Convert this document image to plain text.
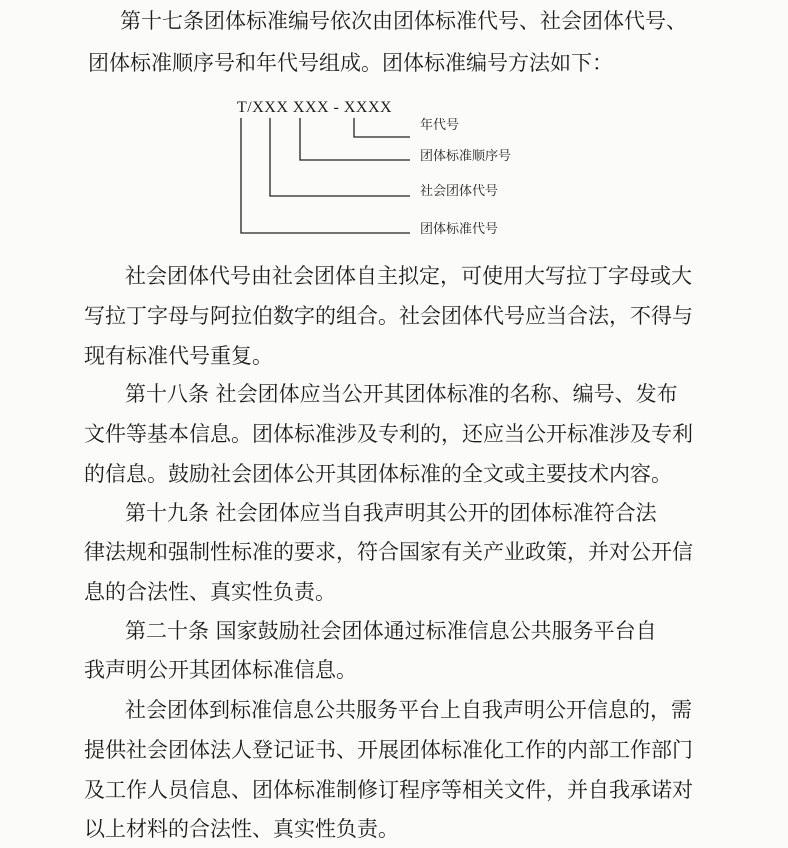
第十七条团体标准编号依次由团体标准代号、社会团体代号、
团体标准顺序号和年代号组成。团体标准编号方法如下：
T/XXX XXX - XXXX
年代号
团体标准顺序号
社会团体代号
团体标准代号
社会团体代号由社会团体自主拟定，可使用大写拉丁字母或大
写拉丁字母与阿拉伯数字的组合。社会团体代号应当合法，不得与
现有标准代号重复。
第十八条 社会团体应当公开其团体标准的名称、编号、发布
文件等基本信息。团体标准涉及专利的，还应当公开标准涉及专利
的信息。鼓励社会团体公开其团体标准的全文或主要技术内容。
第十九条 社会团体应当自我声明其公开的团体标准符合法
律法规和强制性标准的要求，符合国家有关产业政策，并对公开信
息的合法性、真实性负责。
第二十条 国家鼓励社会团体通过标准信息公共服务平台自
我声明公开其团体标准信息。
社会团体到标准信息公共服务平台上自我声明公开信息的，需
提供社会团体法人登记证书、开展团体标准化工作的内部工作部门
及工作人员信息、团体标准制修订程序等相关文件，并自我承诺对
以上材料的合法性、真实性负责。
